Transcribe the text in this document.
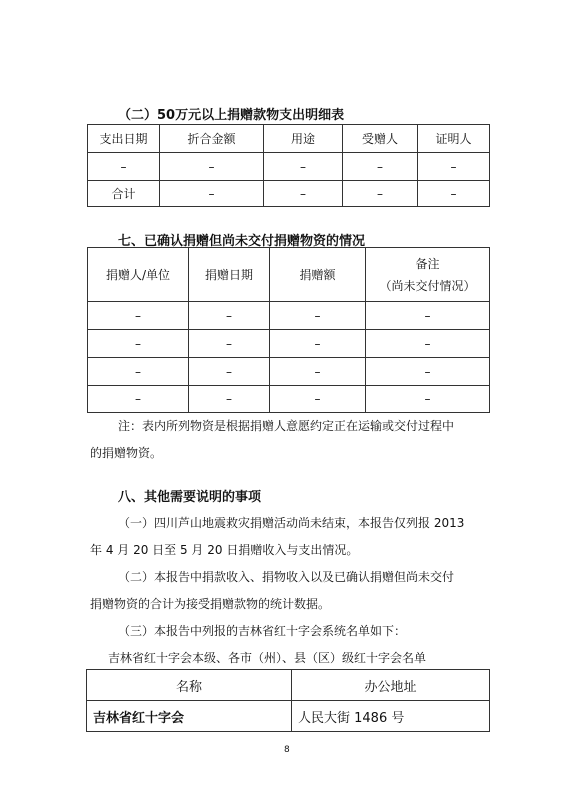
（二）50万元以上捐赠款物支出明细表
支出日期	折合金额	用途	受赠人	证明人
–	–	–	–	–
合计	–	–	–	–
七、已确认捐赠但尚未交付捐赠物资的情况
捐赠人/单位	捐赠日期	捐赠额	备注
（尚未交付情况）

–	–	–	–
–	–	–	–
–	–	–	–
–	–	–	–
注：表内所列物资是根据捐赠人意愿约定正在运输或交付过程中
的捐赠物资。
八、其他需要说明的事项
（一）四川芦山地震救灾捐赠活动尚未结束，本报告仅列报 2013
年 4 月 20 日至 5 月 20 日捐赠收入与支出情况。
（二）本报告中捐款收入、捐物收入以及已确认捐赠但尚未交付
捐赠物资的合计为接受捐赠款物的统计数据。
（三）本报告中列报的吉林省红十字会系统名单如下：
吉林省红十字会本级、各市（州）、县（区）级红十字会名单
名称	办公地址
吉林省红十字会	人民大街 1486 号
8
